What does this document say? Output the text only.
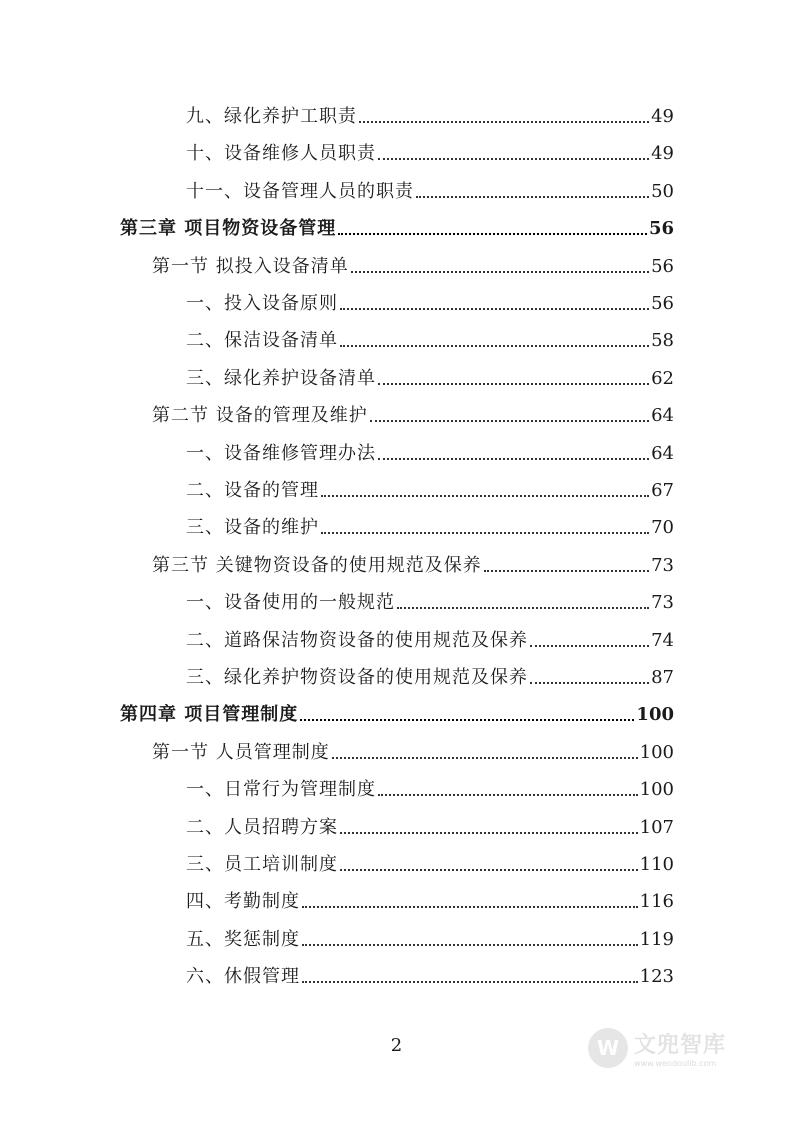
九、绿化养护工职责	49
十、设备维修人员职责	49
十一、设备管理人员的职责	50
第三章 项目物资设备管理	56
第一节 拟投入设备清单	56
一、投入设备原则	56
二、保洁设备清单	58
三、绿化养护设备清单	62
第二节 设备的管理及维护	64
一、设备维修管理办法	64
二、设备的管理	67
三、设备的维护	70
第三节 关键物资设备的使用规范及保养	73
一、设备使用的一般规范	73
二、道路保洁物资设备的使用规范及保养	74
三、绿化养护物资设备的使用规范及保养	87
第四章 项目管理制度	100
第一节 人员管理制度	100
一、日常行为管理制度	100
二、人员招聘方案	107
三、员工培训制度	110
四、考勤制度	116
五、奖惩制度	119
六、休假管理	123
2	W 文兜智库
www.wendoulib.com
